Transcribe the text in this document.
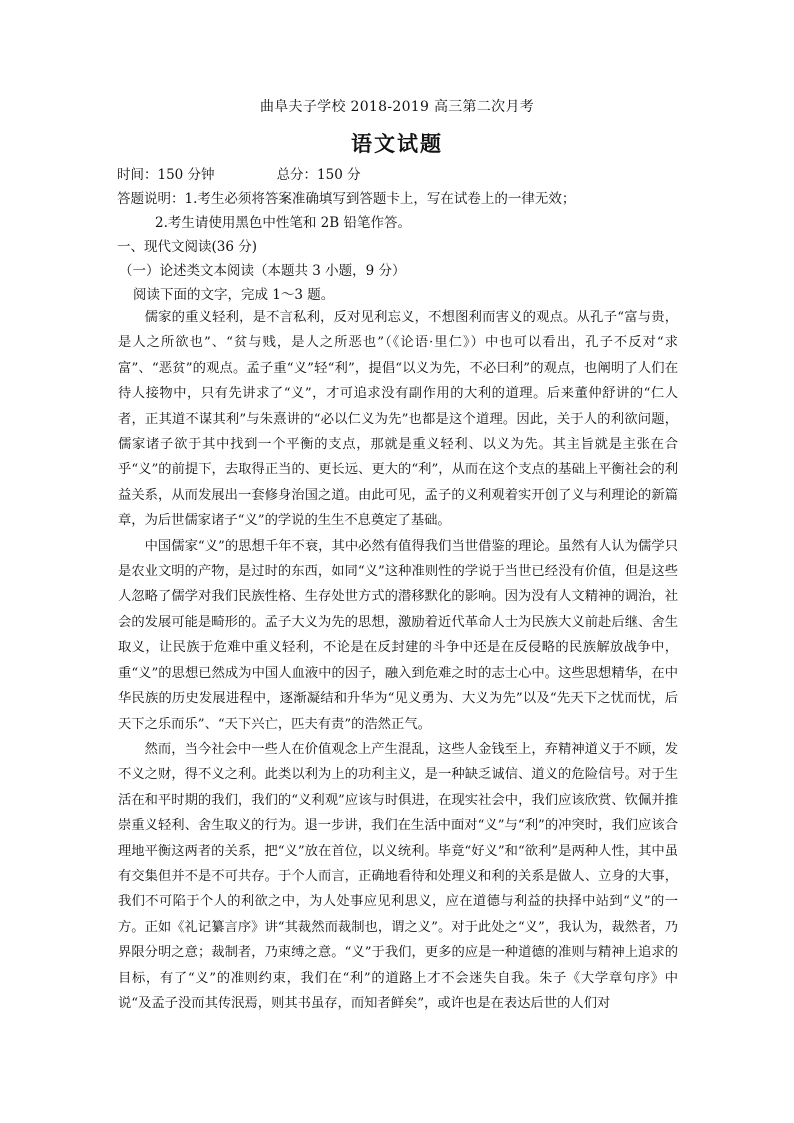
曲阜夫子学校 2018-2019 高三第二次月考
语文试题
时间：150 分钟	总分：150 分
答题说明：1.考生必须将答案准确填写到答题卡上，写在试卷上的一律无效；
2.考生请使用黑色中性笔和 2B 铅笔作答。
一、现代文阅读(36 分)
（一）论述类文本阅读（本题共 3 小题，9 分）
阅读下面的文字，完成 1～3 题。

儒家的重义轻利，是不言私利，反对见利忘义，不想图利而害义的观点。从孔子“富与贵，是人之所欲也”、“贫与贱，是人之所恶也”（《论语·里仁》）中也可以看出，孔子不反对“求富”、“恶贫”的观点。孟子重“义”轻“利”，提倡“以义为先，不必曰利”的观点，也阐明了人们在待人接物中，只有先讲求了“义”，才可追求没有副作用的大利的道理。后来董仲舒讲的“仁人者，正其道不谋其利”与朱熹讲的“必以仁义为先”也都是这个道理。因此，关于人的利欲问题，儒家诸子欲于其中找到一个平衡的支点，那就是重义轻利、以义为先。其主旨就是主张在合乎“义”的前提下，去取得正当的、更长远、更大的“利”，从而在这个支点的基础上平衡社会的利益关系，从而发展出一套修身治国之道。由此可见，孟子的义利观着实开创了义与利理论的新篇章，为后世儒家诸子“义”的学说的生生不息奠定了基础。

中国儒家“义”的思想千年不衰，其中必然有值得我们当世借鉴的理论。虽然有人认为儒学只是农业文明的产物，是过时的东西，如同“义”这种准则性的学说于当世已经没有价值，但是这些人忽略了儒学对我们民族性格、生存处世方式的潜移默化的影响。因为没有人文精神的调治，社会的发展可能是畸形的。孟子大义为先的思想，激励着近代革命人士为民族大义前赴后继、舍生取义，让民族于危难中重义轻利，不论是在反封建的斗争中还是在反侵略的民族解放战争中，重“义”的思想已然成为中国人血液中的因子，融入到危难之时的志士心中。这些思想精华，在中华民族的历史发展进程中，逐渐凝结和升华为“见义勇为、大义为先”以及“先天下之忧而忧，后天下之乐而乐”、“天下兴亡，匹夫有责”的浩然正气。

然而，当今社会中一些人在价值观念上产生混乱，这些人金钱至上，弃精神道义于不顾，发不义之财，得不义之利。此类以利为上的功利主义，是一种缺乏诚信、道义的危险信号。对于生活在和平时期的我们，我们的“义利观”应该与时俱进，在现实社会中，我们应该欣赏、钦佩并推崇重义轻利、舍生取义的行为。退一步讲，我们在生活中面对“义”与“利”的冲突时，我们应该合理地平衡这两者的关系，把“义”放在首位，以义统利。毕竟“好义”和“欲利”是两种人性，其中虽有交集但并不是不可共存。于个人而言，正确地看待和处理义和利的关系是做人、立身的大事，我们不可陷于个人的利欲之中，为人处事应见利思义，应在道德与利益的抉择中站到“义”的一方。 正如《礼记纂言序》讲“其裁然而裁制也，谓之义”。对于此处之“义”，我认为，裁然者，乃界限分明之意；裁制者，乃束缚之意。“义”于我们，更多的应是一种道德的准则与精神上追求的目标，有了“义”的准则约束，我们在“利”的道路上才不会迷失自我。朱子《大学章句序》中说“及孟子没而其传泯焉，则其书虽存，而知者鲜矣”，或许也是在表达后世的人们对
